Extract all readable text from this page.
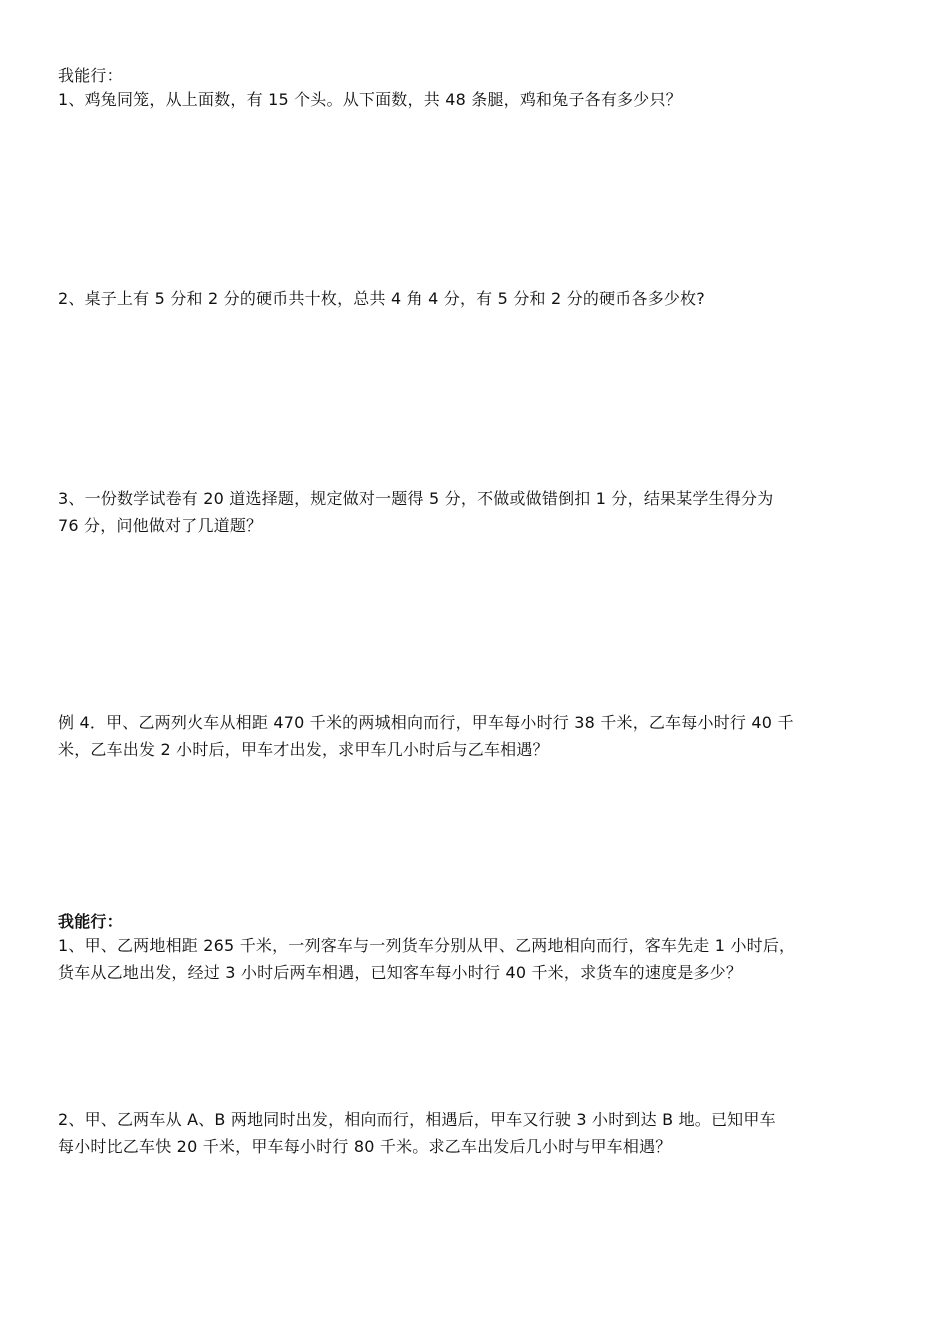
我能行：
1、鸡兔同笼，从上面数，有 15 个头。从下面数，共 48 条腿，鸡和兔子各有多少只？
2、桌子上有 5 分和 2 分的硬币共十枚，总共 4 角 4 分，有 5 分和 2 分的硬币各多少枚?
3、一份数学试卷有 20 道选择题，规定做对一题得 5 分，不做或做错倒扣 1 分，结果某学生得分为
76 分，问他做对了几道题？
例 4．甲、乙两列火车从相距 470 千米的两城相向而行，甲车每小时行 38 千米，乙车每小时行 40 千
米，乙车出发 2 小时后，甲车才出发，求甲车几小时后与乙车相遇？
我能行：
1、甲、乙两地相距 265 千米，一列客车与一列货车分别从甲、乙两地相向而行，客车先走 1 小时后，
货车从乙地出发，经过 3 小时后两车相遇，已知客车每小时行 40 千米，求货车的速度是多少？
2、甲、乙两车从 A、B 两地同时出发，相向而行，相遇后，甲车又行驶 3 小时到达 B 地。已知甲车
每小时比乙车快 20 千米，甲车每小时行 80 千米。求乙车出发后几小时与甲车相遇？
